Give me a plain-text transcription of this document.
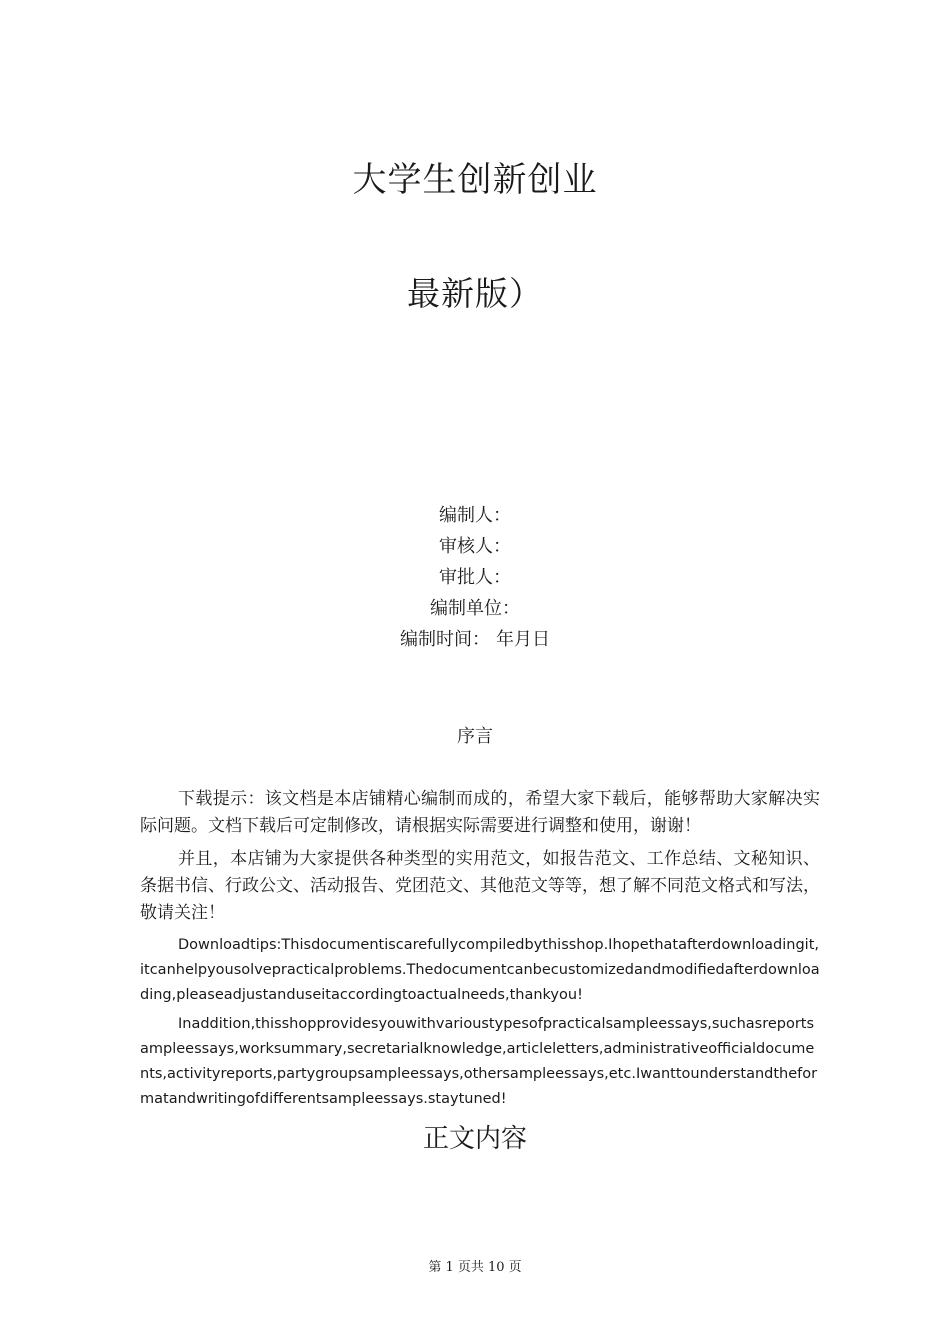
大学生创新创业
最新版）
编制人：
审核人：
审批人：
编制单位：
编制时间： 年月日
序言

下载提示：该文档是本店铺精心编制而成的，希望大家下载后，能够帮助大家解决实际问题。文档下载后可定制修改，请根据实际需要进行调整和使用，谢谢！

并且，本店铺为大家提供各种类型的实用范文，如报告范文、工作总结、文秘知识、条据书信、行政公文、活动报告、党团范文、其他范文等等，想了解不同范文格式和写法，敬请关注！

Downloadtips:Thisdocumentiscarefullycompiledbythisshop.Ihopethatafterdownloadingit,itcanhelpyousolvepracticalproblems.Thedocumentcanbecustomizedandmodifiedafterdownloading,pleaseadjustanduseitaccordingtoactualneeds,thankyou!

Inaddition,thisshopprovidesyouwithvarioustypesofpracticalsampleessays,suchasreportsampleessays,worksummary,secretarialknowledge,articleletters,administrativeofficialdocuments,activityreports,partygroupsampleessays,othersampleessays,etc.Iwanttounderstandtheformatandwritingofdifferentsampleessays.staytuned!

正文内容
第 1 页共 10 页
